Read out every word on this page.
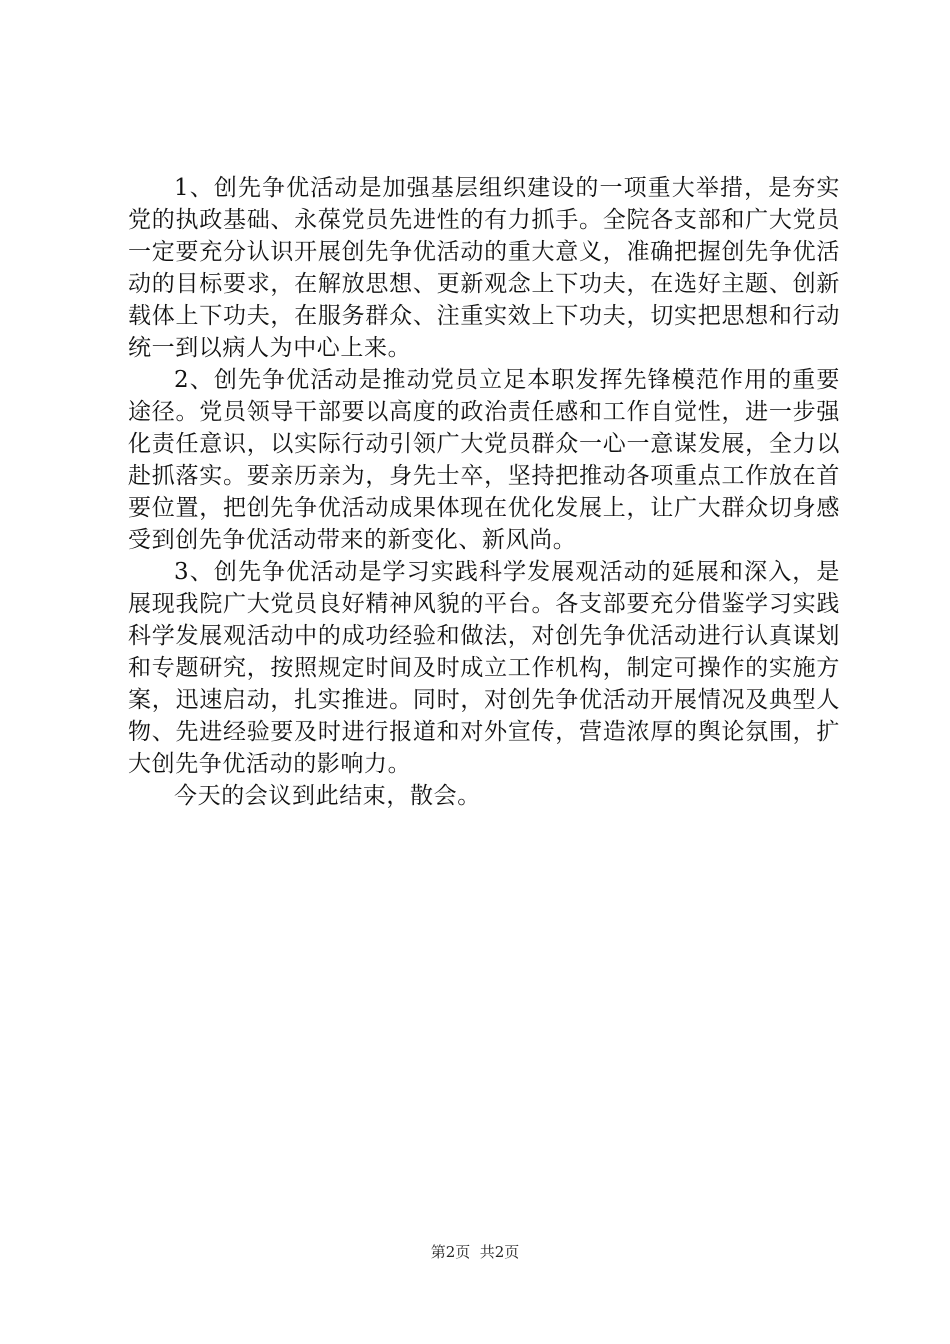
1、创先争优活动是加强基层组织建设的一项重大举措，是夯实党的执政基础、永葆党员先进性的有力抓手。全院各支部和广大党员一定要充分认识开展创先争优活动的重大意义，准确把握创先争优活动的目标要求，在解放思想、更新观念上下功夫，在选好主题、创新载体上下功夫，在服务群众、注重实效上下功夫，切实把思想和行动统一到以病人为中心上来。

2、创先争优活动是推动党员立足本职发挥先锋模范作用的重要途径。党员领导干部要以高度的政治责任感和工作自觉性，进一步强化责任意识，以实际行动引领广大党员群众一心一意谋发展，全力以赴抓落实。要亲历亲为，身先士卒，坚持把推动各项重点工作放在首要位置，把创先争优活动成果体现在优化发展上，让广大群众切身感受到创先争优活动带来的新变化、新风尚。

3、创先争优活动是学习实践科学发展观活动的延展和深入，是展现我院广大党员良好精神风貌的平台。各支部要充分借鉴学习实践科学发展观活动中的成功经验和做法，对创先争优活动进行认真谋划和专题研究，按照规定时间及时成立工作机构，制定可操作的实施方案，迅速启动，扎实推进。同时，对创先争优活动开展情况及典型人物、先进经验要及时进行报道和对外宣传，营造浓厚的舆论氛围，扩大创先争优活动的影响力。

今天的会议到此结束，散会。

第2页  共2页
